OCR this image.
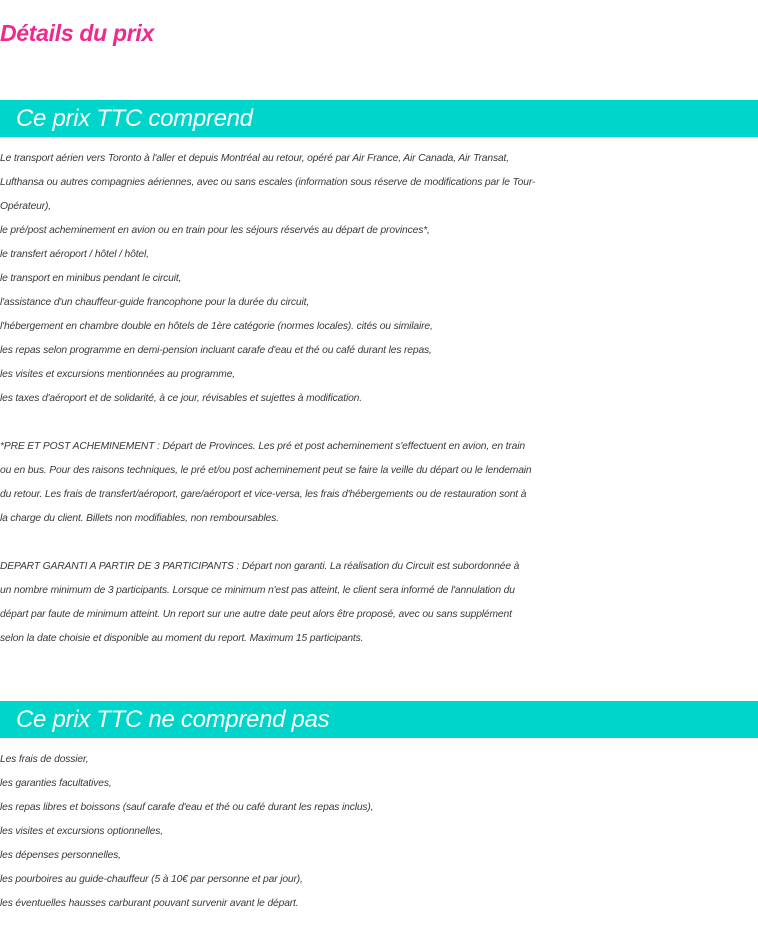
Détails du prix
Ce prix TTC comprend
Le transport aérien vers Toronto à l'aller et depuis Montréal au retour, opéré par Air France, Air Canada, Air Transat,
Lufthansa ou autres compagnies aériennes, avec ou sans escales (information sous réserve de modifications par le Tour-
Opérateur),
le pré/post acheminement en avion ou en train pour les séjours réservés au départ de provinces*,
le transfert aéroport / hôtel / hôtel,
le transport en minibus pendant le circuit,
l'assistance d'un chauffeur-guide francophone pour la durée du circuit,
l'hébergement en chambre double en hôtels de 1ère catégorie (normes locales). cités ou similaire,
les repas selon programme en demi-pension incluant carafe d'eau et thé ou café durant les repas,
les visites et excursions mentionnées au programme,
les taxes d'aéroport et de solidarité, à ce jour, révisables et sujettes à modification.
*PRE ET POST ACHEMINEMENT : Départ de Provinces. Les pré et post acheminement s'effectuent en avion, en train
ou en bus. Pour des raisons techniques, le pré et/ou post acheminement peut se faire la veille du départ ou le lendemain
du retour. Les frais de transfert/aéroport, gare/aéroport et vice-versa, les frais d'hébergements ou de restauration sont à
la charge du client. Billets non modifiables, non remboursables.
DEPART GARANTI A PARTIR DE 3 PARTICIPANTS : Départ non garanti. La réalisation du Circuit est subordonnée à
un nombre minimum de 3 participants. Lorsque ce minimum n'est pas atteint, le client sera informé de l'annulation du
départ par faute de minimum atteint. Un report sur une autre date peut alors être proposé, avec ou sans supplément
selon la date choisie et disponible au moment du report. Maximum 15 participants.
Ce prix TTC ne comprend pas
Les frais de dossier,
les garanties facultatives,
les repas libres et boissons (sauf carafe d'eau et thé ou café durant les repas inclus),
les visites et excursions optionnelles,
les dépenses personnelles,
les pourboires au guide-chauffeur (5 à 10€ par personne et par jour),
les éventuelles hausses carburant pouvant survenir avant le départ.
